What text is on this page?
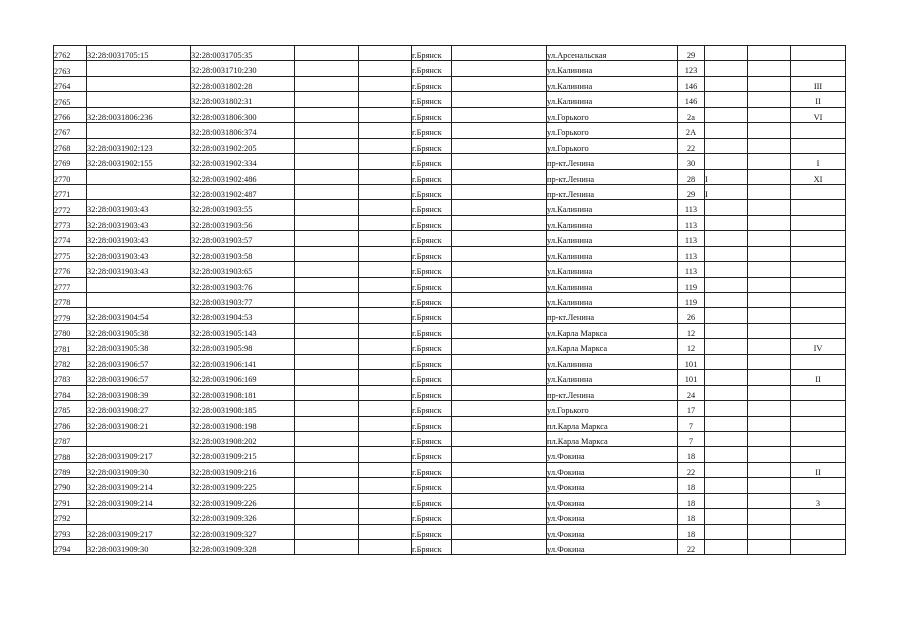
2762	32:28:0031705:15	32:28:0031705:35			г.Брянск		ул.Арсенальская	29			
2763		32:28:0031710:230			г.Брянск		ул.Калинина	123			
2764		32:28:0031802:28			г.Брянск		ул.Калинина	146			III
2765		32:28:0031802:31			г.Брянск		ул.Калинина	146			II
2766	32:28:0031806:236	32:28:0031806:300			г.Брянск		ул.Горького	2а			VI
2767		32:28:0031806:374			г.Брянск		ул.Горького	2А			
2768	32:28:0031902:123	32:28:0031902:205			г.Брянск		ул.Горького	22			
2769	32:28:0031902:155	32:28:0031902:334			г.Брянск		пр-кт.Ленина	30			I
2770		32:28:0031902:486			г.Брянск		пр-кт.Ленина	28	I		XI
2771		32:28:0031902:487			г.Брянск		пр-кт.Ленина	29	I		
2772	32:28:0031903:43	32:28:0031903:55			г.Брянск		ул.Калинина	113			
2773	32:28:0031903:43	32:28:0031903:56			г.Брянск		ул.Калинина	113			
2774	32:28:0031903:43	32:28:0031903:57			г.Брянск		ул.Калинина	113			
2775	32:28:0031903:43	32:28:0031903:58			г.Брянск		ул.Калинина	113			
2776	32:28:0031903:43	32:28:0031903:65			г.Брянск		ул.Калинина	113			
2777		32:28:0031903:76			г.Брянск		ул.Калинина	119			
2778		32:28:0031903:77			г.Брянск		ул.Калинина	119			
2779	32:28:0031904:54	32:28:0031904:53			г.Брянск		пр-кт.Ленина	26			
2780	32:28:0031905:38	32:28:0031905:143			г.Брянск		ул.Карла Маркса	12			
2781	32:28:0031905:38	32:28:0031905:98			г.Брянск		ул.Карла Маркса	12			IV
2782	32:28:0031906:57	32:28:0031906:141			г.Брянск		ул.Калинина	101			
2783	32:28:0031906:57	32:28:0031906:169			г.Брянск		ул.Калинина	101			II
2784	32:28:0031908:39	32:28:0031908:181			г.Брянск		пр-кт.Ленина	24			
2785	32:28:0031908:27	32:28:0031908:185			г.Брянск		ул.Горького	17			
2786	32:28:0031908:21	32:28:0031908:198			г.Брянск		пл.Карла Маркса	7			
2787		32:28:0031908:202			г.Брянск		пл.Карла Маркса	7			
2788	32:28:0031909:217	32:28:0031909:215			г.Брянск		ул.Фокина	18			
2789	32:28:0031909:30	32:28:0031909:216			г.Брянск		ул.Фокина	22			II
2790	32:28:0031909:214	32:28:0031909:225			г.Брянск		ул.Фокина	18			
2791	32:28:0031909:214	32:28:0031909:226			г.Брянск		ул.Фокина	18			3
2792		32:28:0031909:326			г.Брянск		ул.Фокина	18			
2793	32:28:0031909:217	32:28:0031909:327			г.Брянск		ул.Фокина	18			
2794	32:28:0031909:30	32:28:0031909:328			г.Брянск		ул.Фокина	22			
